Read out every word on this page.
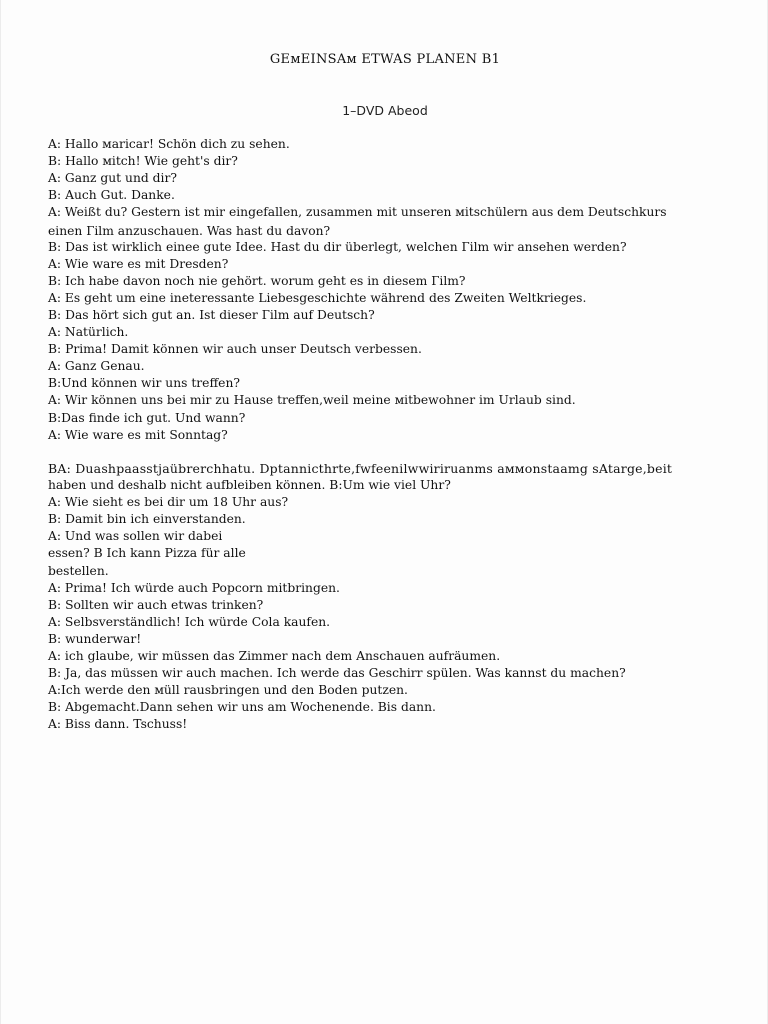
GEᴍEINSAᴍ ETWAS PLANEN B1
1–DVD Abeod
A: Hallo ᴍaricar! Schön dich zu sehen.
B: Hallo ᴍitch! Wie geht's dir?
A: Ganz gut und dir?
B: Auch Gut. Danke.
A: Weißt du? Gestern ist mir eingefallen, zusammen mit unseren ᴍitschülern aus dem Deutschkurs
einen Гilm anzuschauen. Was hast du davon?
B: Das ist wirklich einee gute Idee. Hast du dir überlegt, welchen Гilm wir ansehen werden?
A: Wie ware es mit Dresden?
B: Ich habe davon noch nie gehört. worum geht es in diesem Гilm?
A: Es geht um eine ineteressante Liebesgeschichte während des Zweiten Weltkrieges.
B: Das hört sich gut an. Ist dieser Гilm auf Deutsch?
A: Natürlich.
B: Prima! Damit können wir auch unser Deutsch verbessen.
A: Ganz Genau.
B:Und können wir uns treffen?
A: Wir können uns bei mir zu Hause treffen,weil meine ᴍitbewohner im Urlaub sind.
B:Das finde ich gut. Und wann?
A: Wie ware es mit Sonntag?
BA: Duashpaasstjaübrerchhatu. Dptannicthrte,fwfeenilwwiriruanms aᴍᴍonstaamg sAtarge,beit
haben und deshalb nicht aufbleiben können. B:Um wie viel Uhr?
A: Wie sieht es bei dir um 18 Uhr aus?
B: Damit bin ich einverstanden.
A: Und was sollen wir dabei
essen? B Ich kann Pizza für alle
bestellen.
A: Prima! Ich würde auch Popcorn mitbringen.
B: Sollten wir auch etwas trinken?
A: Selbsverständlich! Ich würde Cola kaufen.
B: wunderwar!
A: ich glaube, wir müssen das Zimmer nach dem Anschauen aufräumen.
B: Ja, das müssen wir auch machen. Ich werde das Geschirr spülen. Was kannst du machen?
A:Ich werde den ᴍüll rausbringen und den Boden putzen.
B: Abgemacht.Dann sehen wir uns am Wochenende. Bis dann.
A: Biss dann. Tschuss!
